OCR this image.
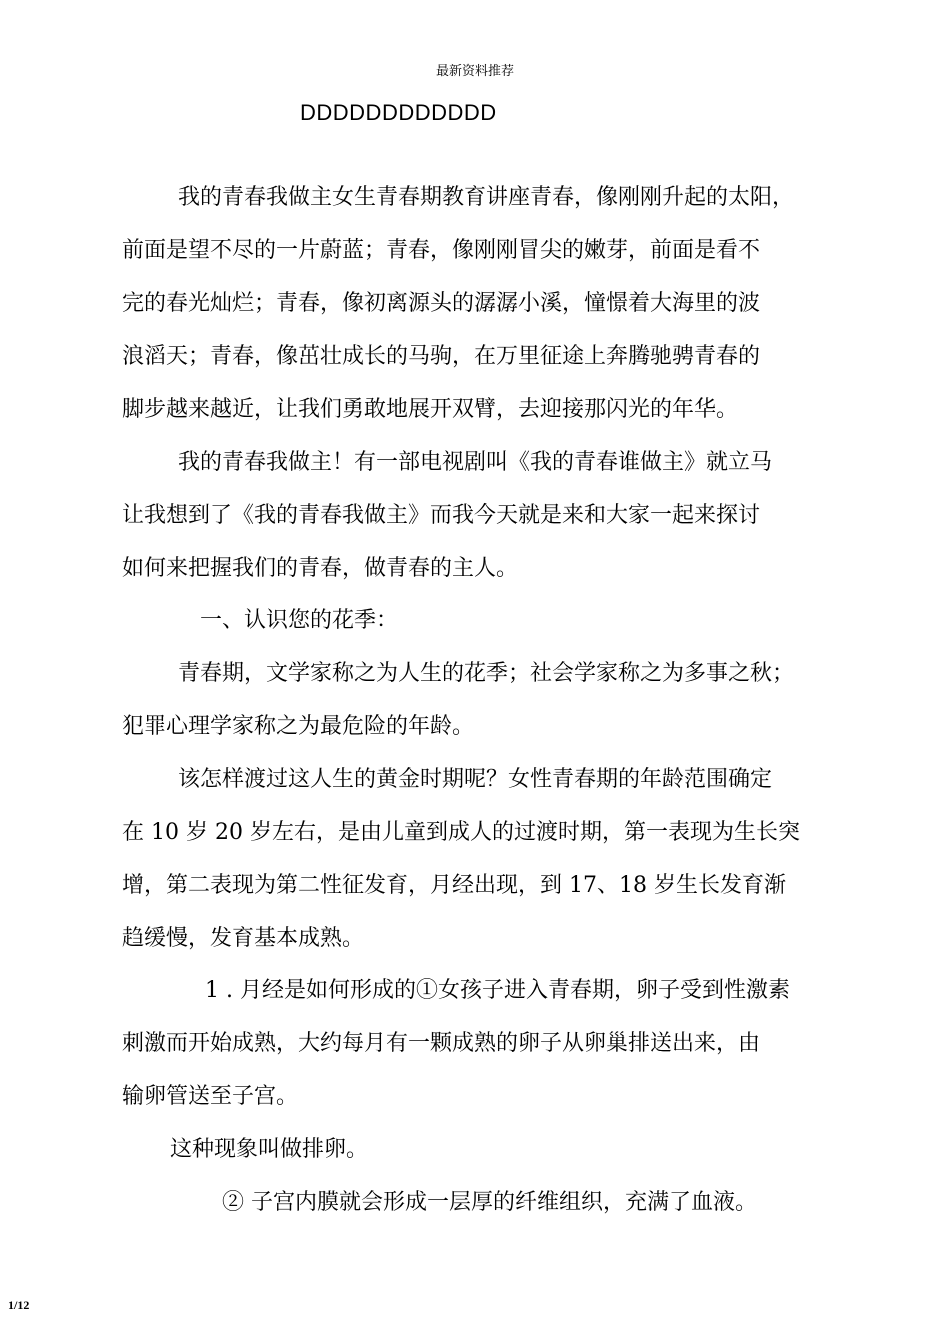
最新资料推荐
DDDDDDDDDDDD
我的青春我做主女生青春期教育讲座青春，像刚刚升起的太阳，
前面是望不尽的一片蔚蓝；青春，像刚刚冒尖的嫩芽，前面是看不
完的春光灿烂；青春，像初离源头的潺潺小溪，憧憬着大海里的波
浪滔天；青春，像茁壮成长的马驹，在万里征途上奔腾驰骋青春的
脚步越来越近，让我们勇敢地展开双臂，去迎接那闪光的年华。
我的青春我做主！有一部电视剧叫《我的青春谁做主》就立马
让我想到了《我的青春我做主》而我今天就是来和大家一起来探讨
如何来把握我们的青春，做青春的主人。
一、认识您的花季：
青春期，文学家称之为人生的花季；社会学家称之为多事之秋；
犯罪心理学家称之为最危险的年龄。
该怎样渡过这人生的黄金时期呢？女性青春期的年龄范围确定
在 10 岁 20 岁左右，是由儿童到成人的过渡时期，第一表现为生长突
增，第二表现为第二性征发育，月经出现，到 17、18 岁生长发育渐
趋缓慢，发育基本成熟。
1 . 月经是如何形成的①女孩子进入青春期，卵子受到性激素
刺激而开始成熟，大约每月有一颗成熟的卵子从卵巢排送出来，由
输卵管送至子宫。
这种现象叫做排卵。
② 子宫内膜就会形成一层厚的纤维组织，充满了血液。
1/12
